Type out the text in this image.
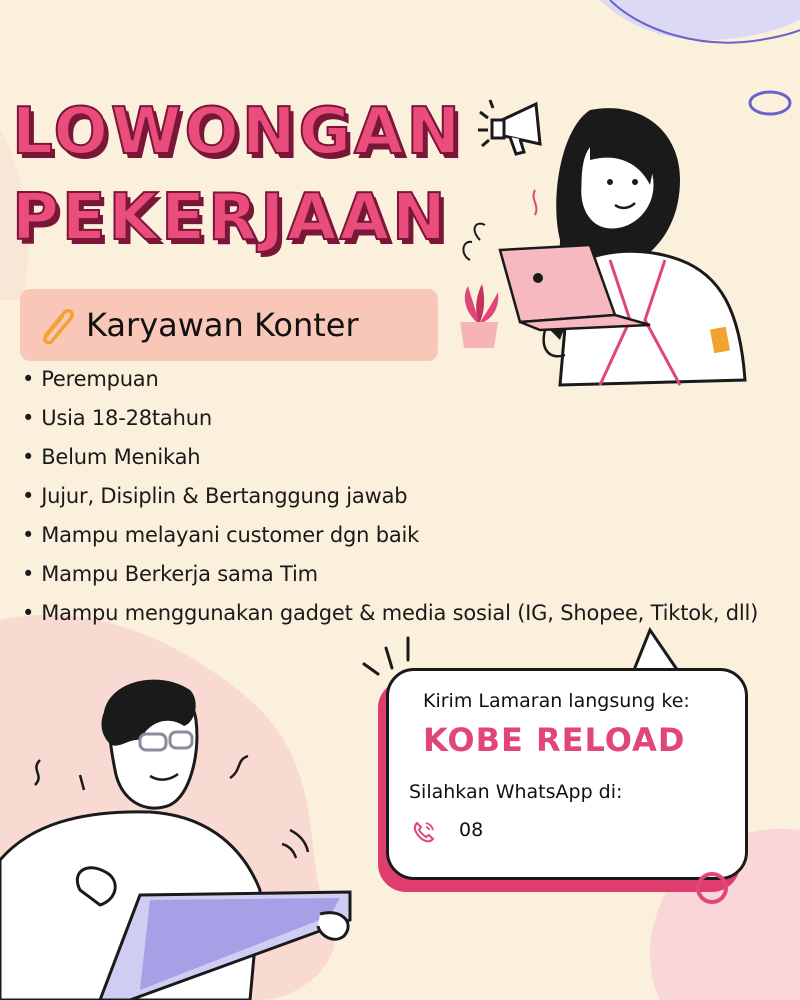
LOWONGAN
PEKERJAAN
Karyawan Konter
• Perempuan
• Usia 18-28tahun
• Belum Menikah
• Jujur, Disiplin & Bertanggung jawab
• Mampu melayani customer dgn baik
• Mampu Berkerja sama Tim
• Mampu menggunakan gadget & media sosial (IG, Shopee, Tiktok, dll)
Kirim Lamaran langsung ke:
KOBE RELOAD
Silahkan WhatsApp di:
08
